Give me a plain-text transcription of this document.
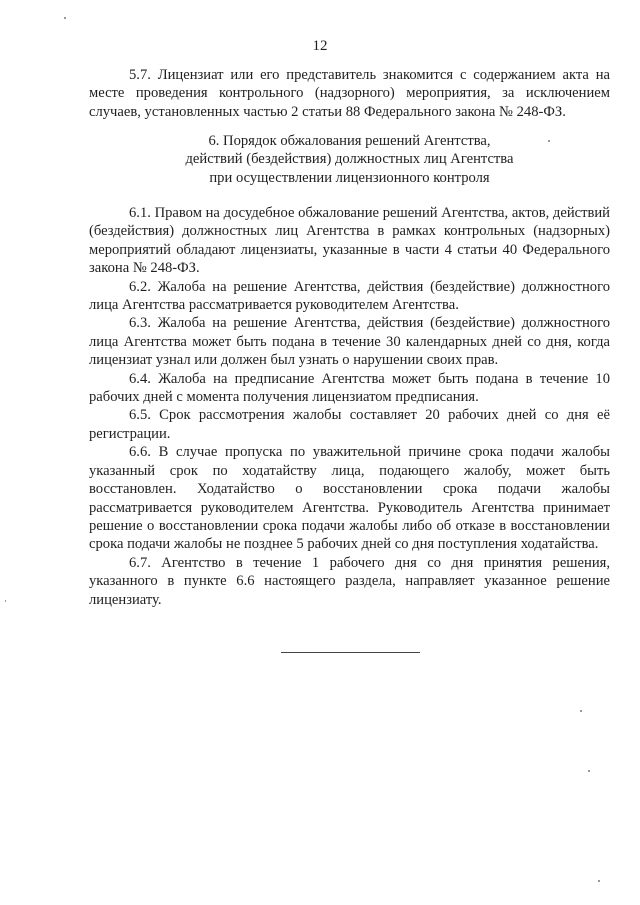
12

5.7. Лицензиат или его представитель знакомится с содержанием акта на месте проведения контрольного (надзорного) мероприятия, за исключением случаев, установленных частью 2 статьи 88 Федерального закона № 248-ФЗ.

6. Порядок обжалования решений Агентства,
действий (бездействия) должностных лиц Агентства
при осуществлении лицензионного контроля

6.1. Правом на досудебное обжалование решений Агентства, актов, действий (бездействия) должностных лиц Агентства в рамках контрольных (надзорных) мероприятий обладают лицензиаты, указанные в части 4 статьи 40 Федерального закона № 248-ФЗ.

6.2. Жалоба на решение Агентства, действия (бездействие) должностного лица Агентства рассматривается руководителем Агентства.

6.3. Жалоба на решение Агентства, действия (бездействие) должностного лица Агентства может быть подана в течение 30 календарных дней со дня, когда лицензиат узнал или должен был узнать о нарушении своих прав.

6.4. Жалоба на предписание Агентства может быть подана в течение 10 рабочих дней с момента получения лицензиатом предписания.

6.5. Срок рассмотрения жалобы составляет 20 рабочих дней со дня её регистрации.

6.6. В случае пропуска по уважительной причине срока подачи жалобы указанный срок по ходатайству лица, подающего жалобу, может быть восстановлен. Ходатайство о восстановлении срока подачи жалобы рассматривается руководителем Агентства. Руководитель Агентства принимает решение о восстановлении срока подачи жалобы либо об отказе в восстановлении срока подачи жалобы не позднее 5 рабочих дней со дня поступления ходатайства.

6.7. Агентство в течение 1 рабочего дня со дня принятия решения, указанного в пункте 6.6 настоящего раздела, направляет указанное решение лицензиату.
